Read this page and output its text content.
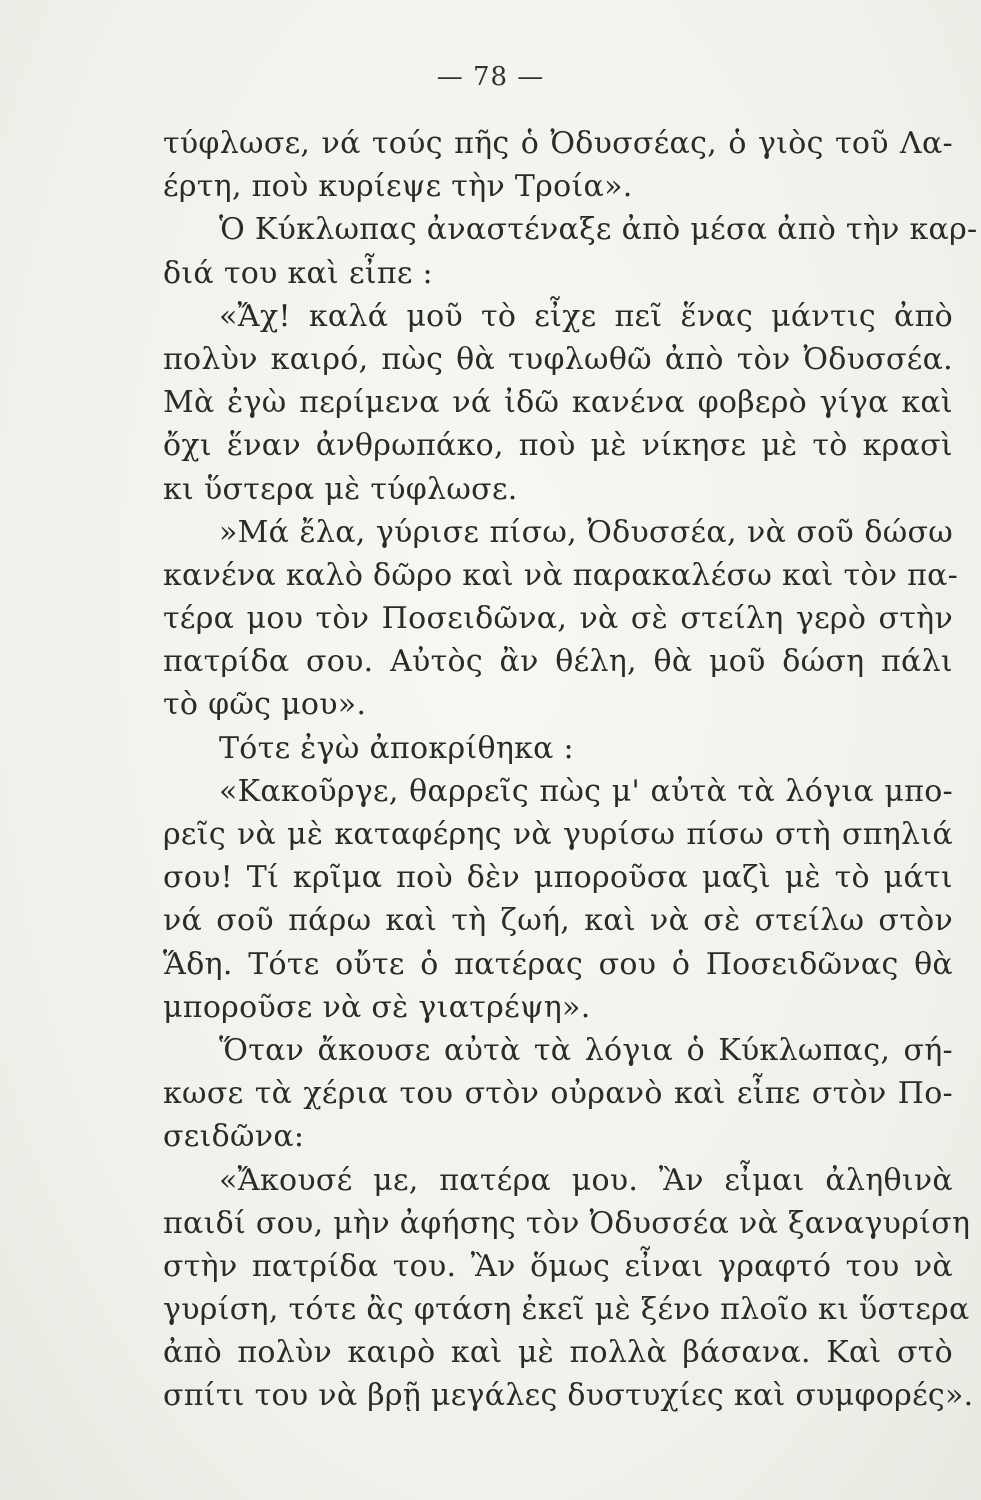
— 78 —
τύφλωσε, νά τούς πῆς ὁ Ὀδυσσέας, ὁ γιὸς τοῦ Λα-
έρτη, ποὺ κυρίεψε τὴν Τροία».
Ὁ Κύκλωπας ἀναστέναξε ἀπὸ μέσα ἀπὸ τὴν καρ-
διά του καὶ εἶπε :
«Ἄχ! καλά μοῦ τὸ εἶχε πεῖ ἕνας μάντις ἀπὸ
πολὺν καιρό, πὼς θὰ τυφλωθῶ ἀπὸ τὸν Ὀδυσσέα.
Μὰ ἐγὼ περίμενα νά ἰδῶ κανένα φοβερὸ γίγα καὶ
ὄχι ἕναν ἀνθρωπάκο, ποὺ μὲ νίκησε μὲ τὸ κρασὶ
κι ὕστερα μὲ τύφλωσε.
»Μά ἔλα, γύρισε πίσω, Ὀδυσσέα, νὰ σοῦ δώσω
κανένα καλὸ δῶρο καὶ νὰ παρακαλέσω καὶ τὸν πα-
τέρα μου τὸν Ποσειδῶνα, νὰ σὲ στείλη γερὸ στὴν
πατρίδα σου. Αὐτὸς ἂν θέλη, θὰ μοῦ δώση πάλι
τὸ φῶς μου».
Τότε ἐγὼ ἀποκρίθηκα :
«Κακοῦργε, θαρρεῖς πὼς μ' αὐτὰ τὰ λόγια μπο-
ρεῖς νὰ μὲ καταφέρης νὰ γυρίσω πίσω στὴ σπηλιά
σου! Τί κρῖμα ποὺ δὲν μποροῦσα μαζὶ μὲ τὸ μάτι
νά σοῦ πάρω καὶ τὴ ζωή, καὶ νὰ σὲ στείλω στὸν
Ἅδη. Τότε οὔτε ὁ πατέρας σου ὁ Ποσειδῶνας θὰ
μποροῦσε νὰ σὲ γιατρέψη».
Ὅταν ἄκουσε αὐτὰ τὰ λόγια ὁ Κύκλωπας, σή-
κωσε τὰ χέρια του στὸν οὐρανὸ καὶ εἶπε στὸν Πο-
σειδῶνα:
«Ἄκουσέ με, πατέρα μου. Ἂν εἶμαι ἀληθινὰ
παιδί σου, μὴν ἀφήσης τὸν Ὀδυσσέα νὰ ξαναγυρίση
στὴν πατρίδα του. Ἂν ὅμως εἶναι γραφτό του νὰ
γυρίση, τότε ἂς φτάση ἐκεῖ μὲ ξένο πλοῖο κι ὕστερα
ἀπὸ πολὺν καιρὸ καὶ μὲ πολλὰ βάσανα. Καὶ στὸ
σπίτι του νὰ βρῇ μεγάλες δυστυχίες καὶ συμφορές».
